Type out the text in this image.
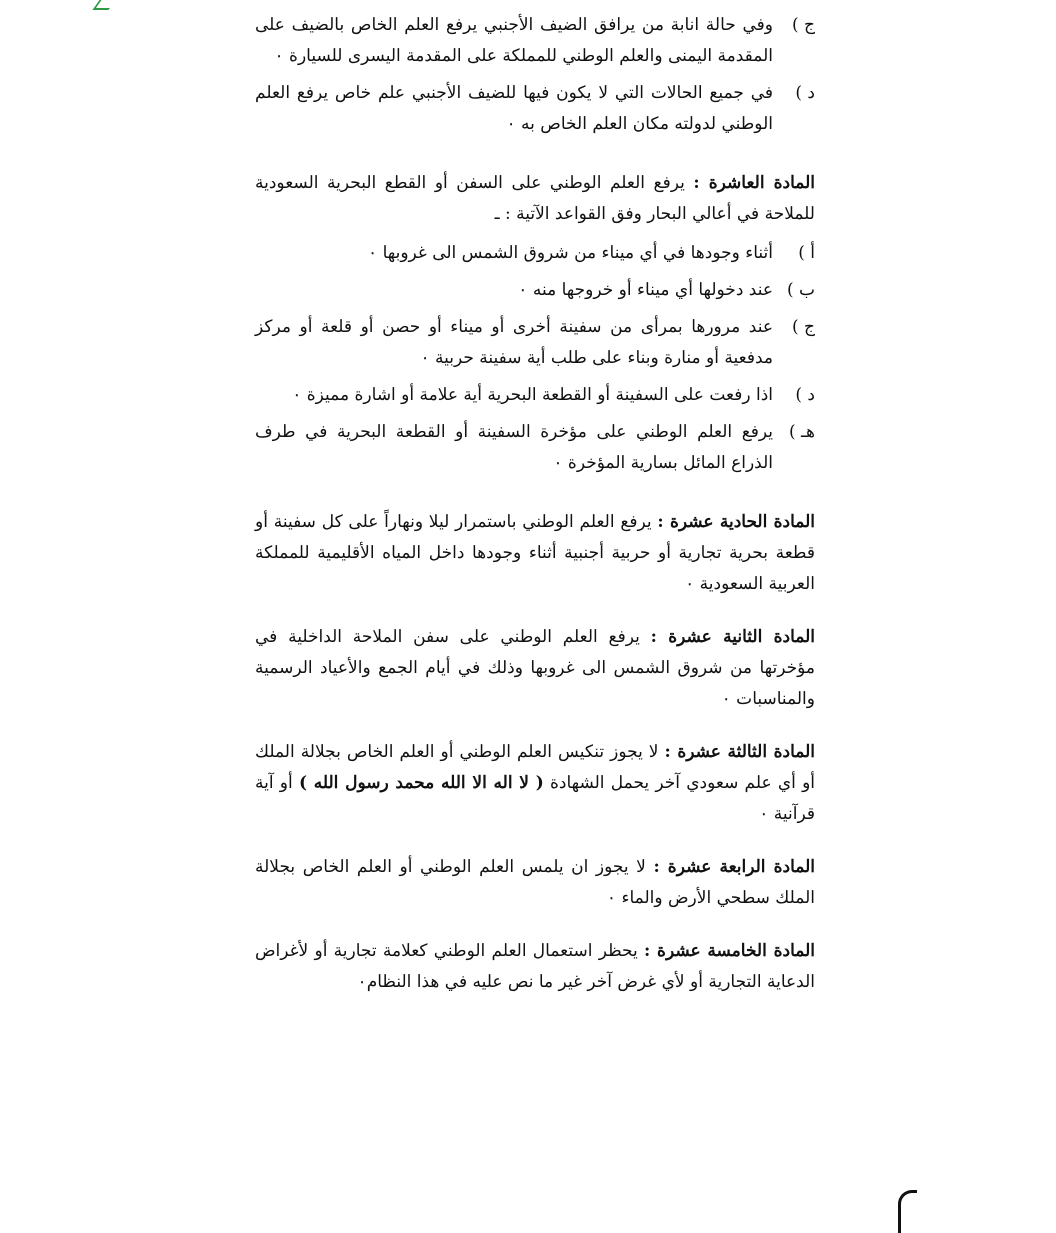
ج )
وفي حالة انابة من يرافق الضيف الأجنبي يرفع العلم الخاص بالضيف على المقدمة اليمنى والعلم الوطني للمملكة على المقدمة اليسرى للسيارة ٠
د )
في جميع الحالات التي لا يكون فيها للضيف الأجنبي علم خاص يرفع العلم الوطني لدولته مكان العلم الخاص به ٠

المادة العاشرة : يرفع العلم الوطني على السفن أو القطع البحرية السعودية للملاحة في أعالي البحار وفق القواعد الآتية : ـ

أ )
أثناء وجودها في أي ميناء من شروق الشمس الى غروبها ٠
ب )
عند دخولها أي ميناء أو خروجها منه ٠
ج )
عند مرورها بمرأى من سفينة أخرى أو ميناء أو حصن أو قلعة أو مركز مدفعية أو منارة وبناء على طلب أية سفينة حربية ٠
د )
اذا رفعت على السفينة أو القطعة البحرية أية علامة أو اشارة مميزة ٠
هـ )
يرفع العلم الوطني على مؤخرة السفينة أو القطعة البحرية في طرف الذراع المائل بسارية المؤخرة ٠

المادة الحادية عشرة : يرفع العلم الوطني باستمرار ليلا ونهاراً على كل سفينة أو قطعة بحرية تجارية أو حربية أجنبية أثناء وجودها داخل المياه الأقليمية للمملكة العربية السعودية ٠

المادة الثانية عشرة : يرفع العلم الوطني على سفن الملاحة الداخلية في مؤخرتها من شروق الشمس الى غروبها وذلك في أيام الجمع والأعياد الرسمية والمناسبات ٠

المادة الثالثة عشرة : لا يجوز تنكيس العلم الوطني أو العلم الخاص بجلالة الملك أو أي علم سعودي آخر يحمل الشهادة ( لا اله الا الله محمد رسول الله ) أو آية قرآنية ٠

المادة الرابعة عشرة : لا يجوز ان يلمس العلم الوطني أو العلم الخاص بجلالة الملك سطحي الأرض والماء ٠

المادة الخامسة عشرة : يحظر استعمال العلم الوطني كعلامة تجارية أو لأغراض الدعاية التجارية أو لأي غرض آخر غير ما نص عليه في هذا النظام٠
